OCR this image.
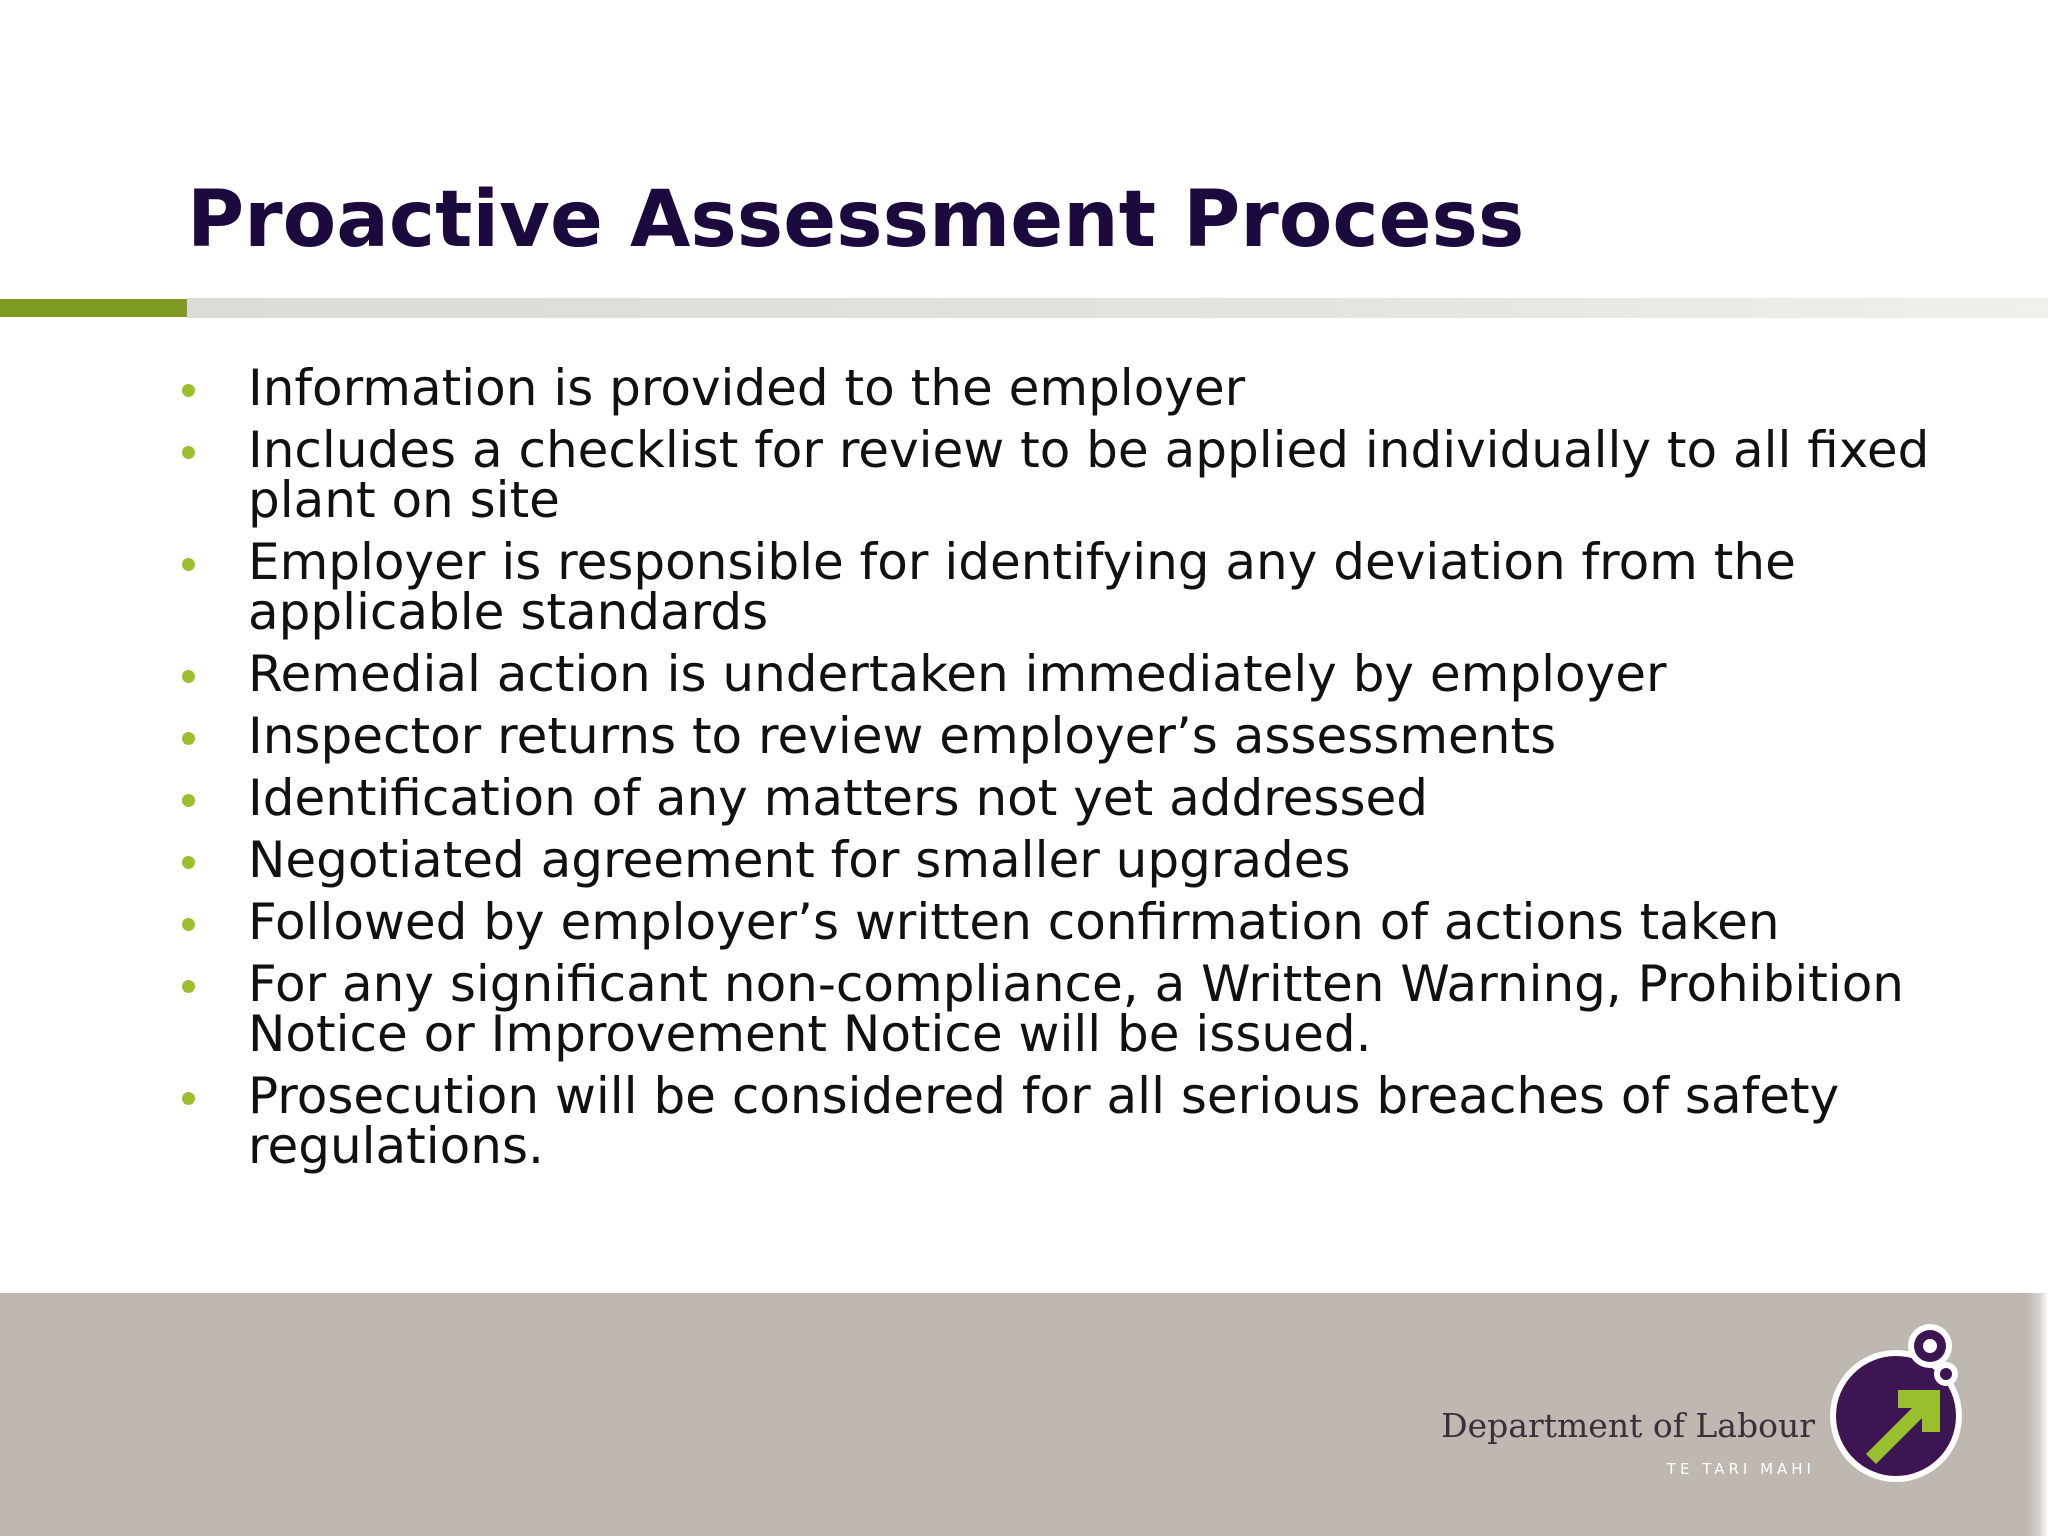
Proactive Assessment Process
Information is provided to the employer
Includes a checklist for review to be applied individually to all fixed plant on site
Employer is responsible for identifying any deviation from the applicable standards
Remedial action is undertaken immediately by employer
Inspector returns to review employer’s assessments
Identification of any matters not yet addressed
Negotiated agreement for smaller upgrades
Followed by employer’s written confirmation of actions taken
For any significant non-compliance, a Written Warning, Prohibition Notice or Improvement Notice will be issued.
Prosecution will be considered for all serious breaches of safety regulations.
Department of Labour
TE TARI MAHI
